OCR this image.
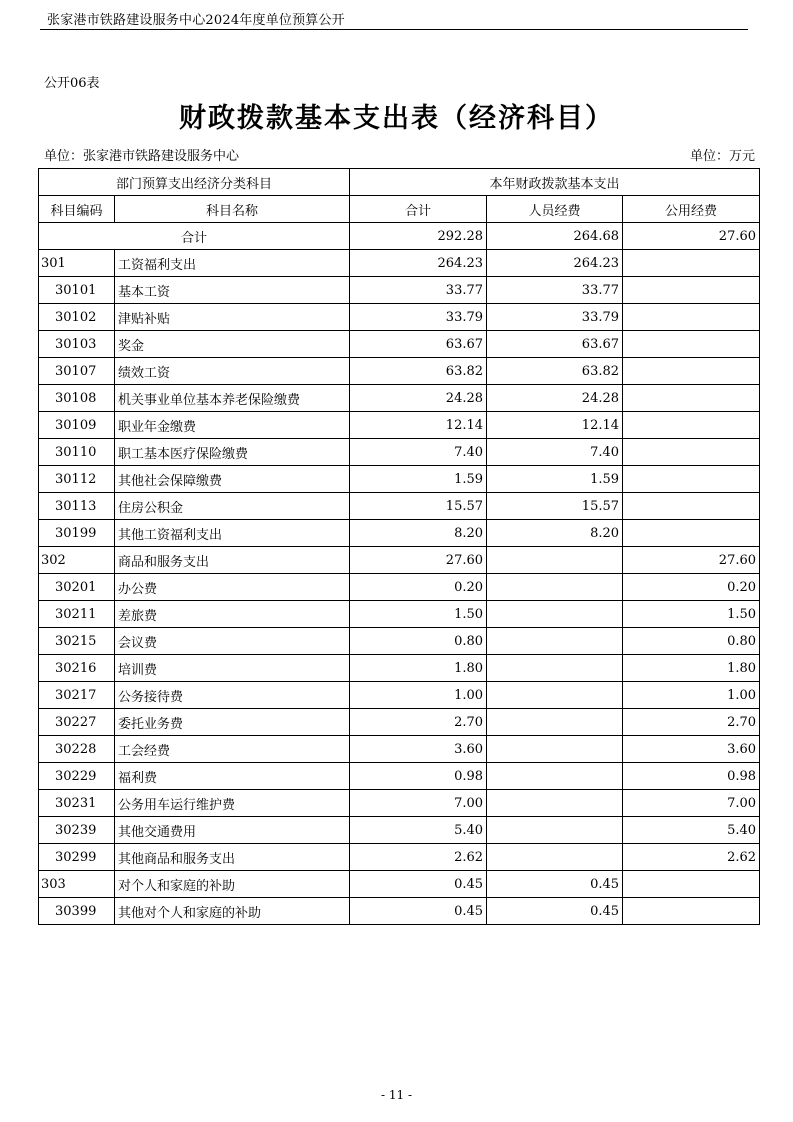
张家港市铁路建设服务中心2024年度单位预算公开
公开06表
财政拨款基本支出表（经济科目）
单位：张家港市铁路建设服务中心	单位：万元
部门预算支出经济分类科目		本年财政拨款基本支出		
科目编码	科目名称	合计	人员经费	公用经费
合计		292.28	264.68	27.60
301	工资福利支出	264.23	264.23	
30101	基本工资	33.77	33.77	
30102	津贴补贴	33.79	33.79	
30103	奖金	63.67	63.67	
30107	绩效工资	63.82	63.82	
30108	机关事业单位基本养老保险缴费	24.28	24.28	
30109	职业年金缴费	12.14	12.14	
30110	职工基本医疗保险缴费	7.40	7.40	
30112	其他社会保障缴费	1.59	1.59	
30113	住房公积金	15.57	15.57	
30199	其他工资福利支出	8.20	8.20	
302	商品和服务支出	27.60		27.60
30201	办公费	0.20		0.20
30211	差旅费	1.50		1.50
30215	会议费	0.80		0.80
30216	培训费	1.80		1.80
30217	公务接待费	1.00		1.00
30227	委托业务费	2.70		2.70
30228	工会经费	3.60		3.60
30229	福利费	0.98		0.98
30231	公务用车运行维护费	7.00		7.00
30239	其他交通费用	5.40		5.40
30299	其他商品和服务支出	2.62		2.62
303	对个人和家庭的补助	0.45	0.45	
30399	其他对个人和家庭的补助	0.45	0.45	
- 11 -
